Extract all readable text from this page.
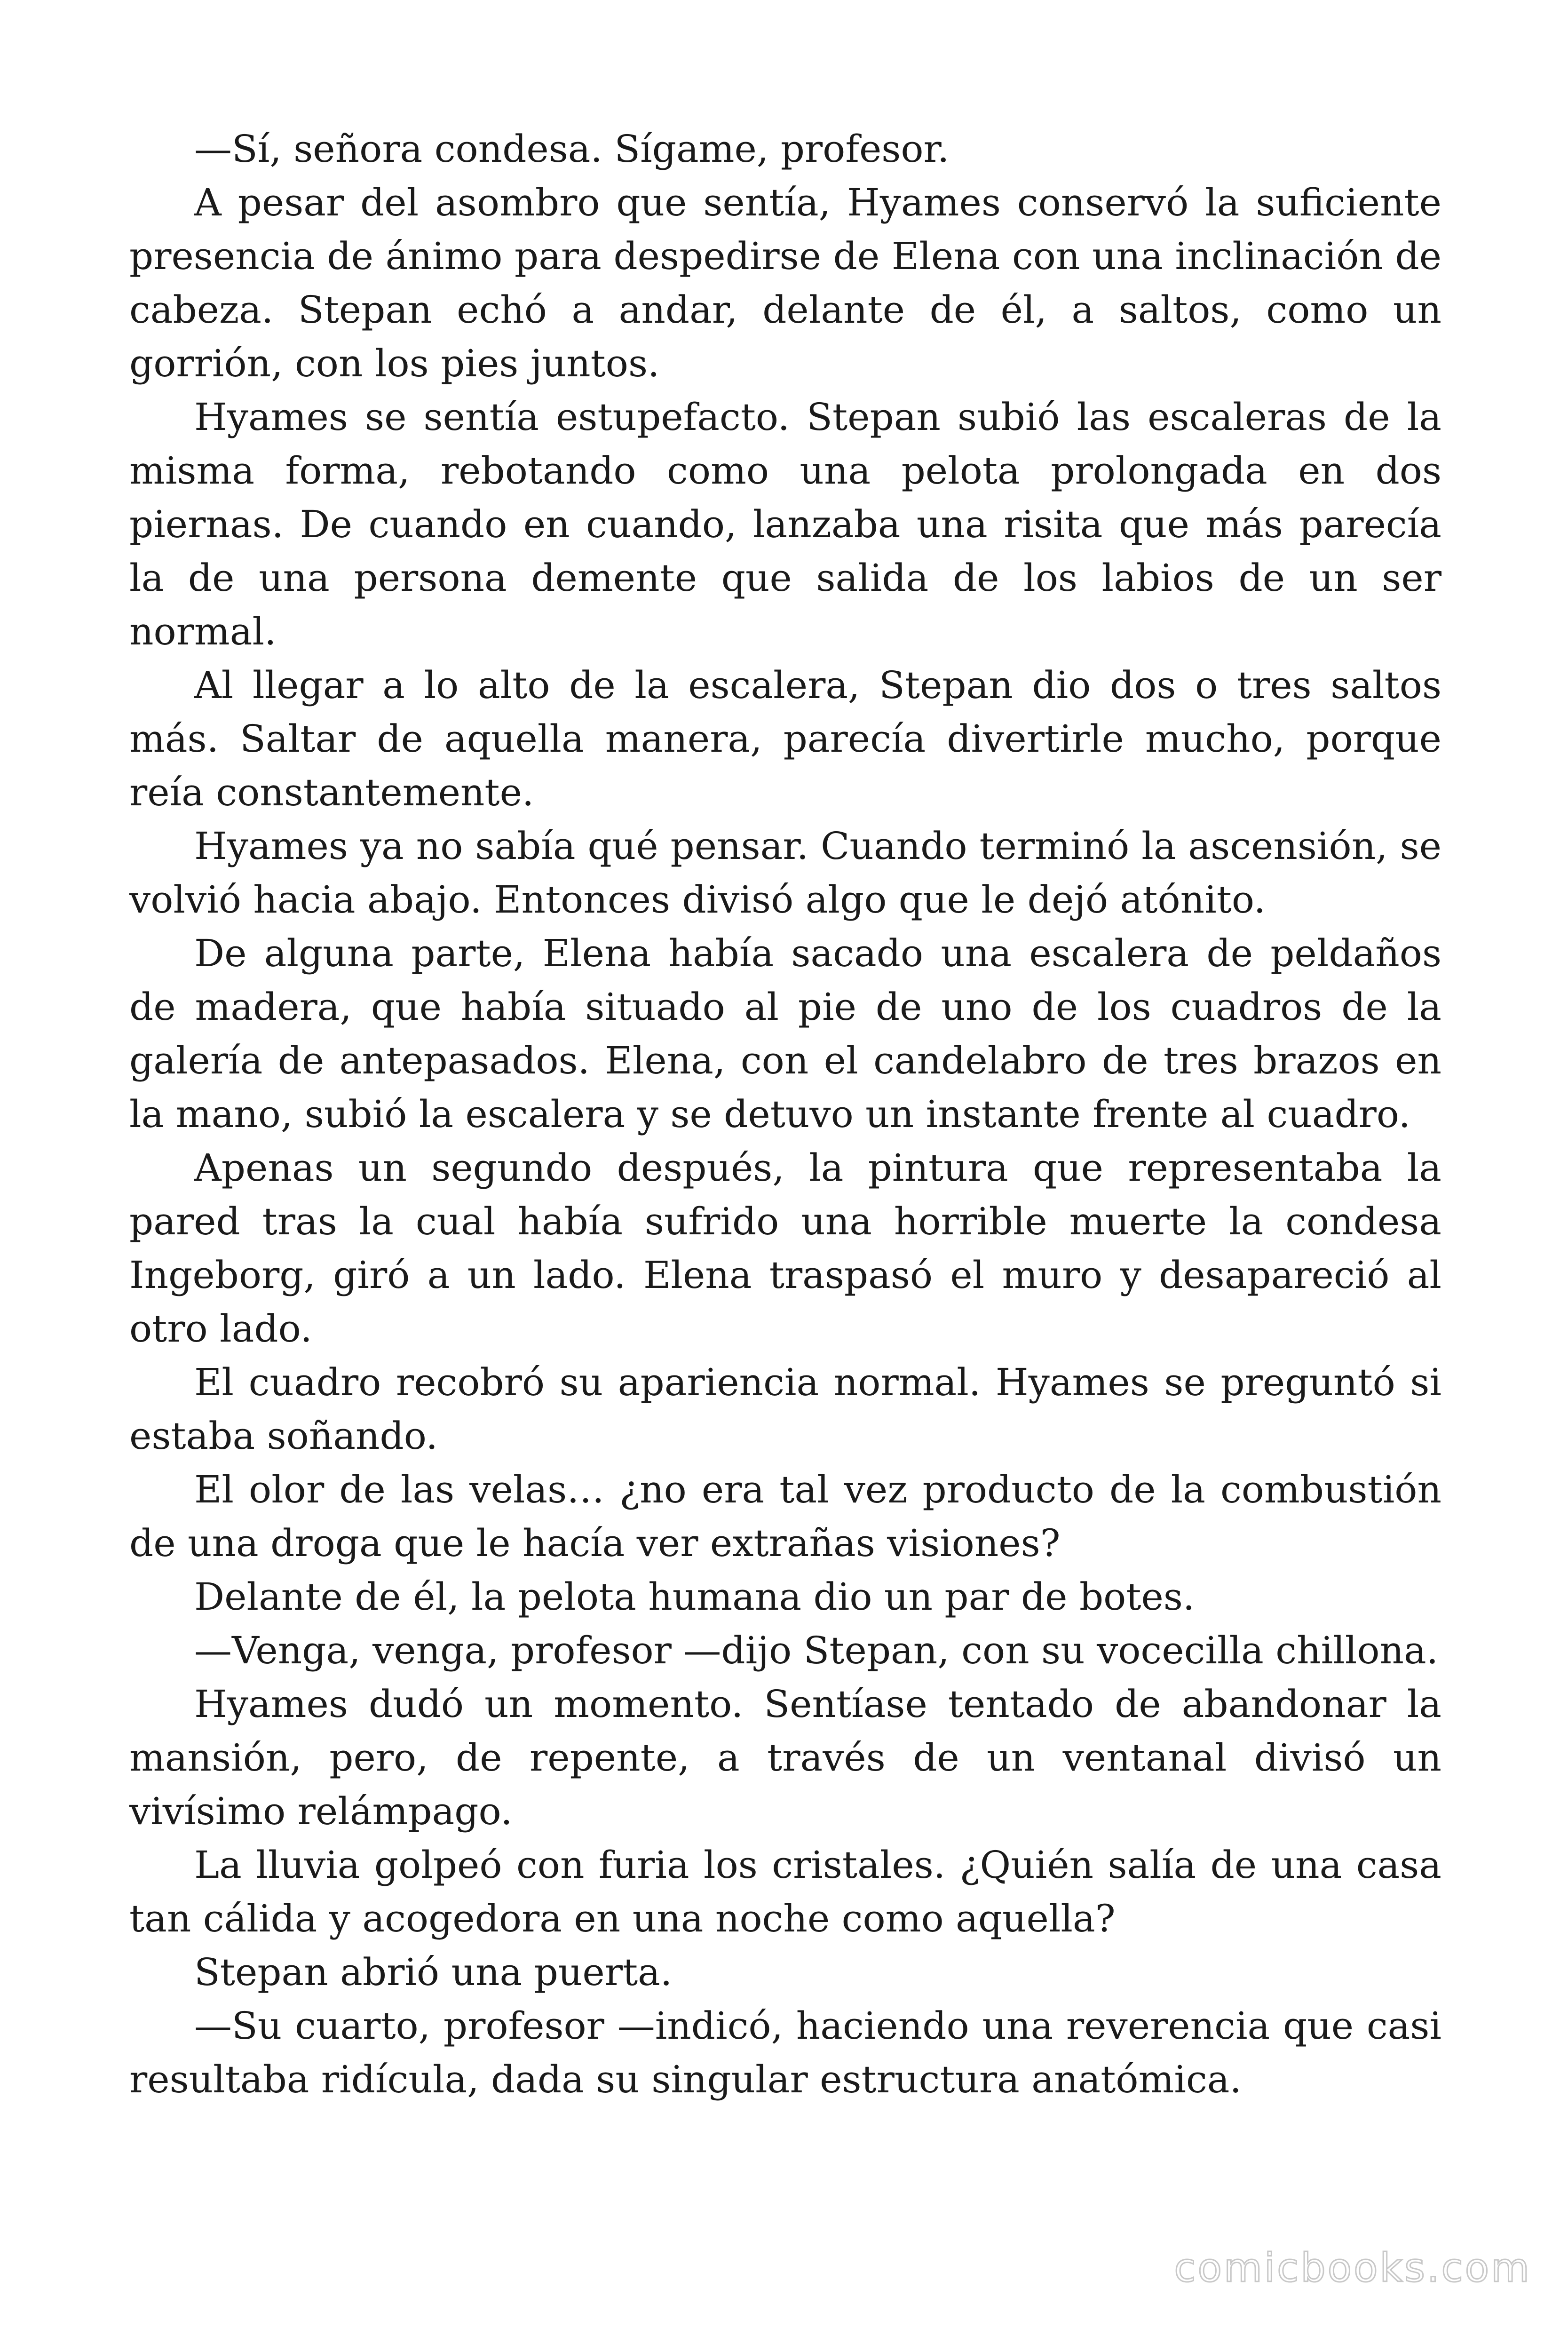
—Sí, señora condesa. Sígame, profesor.

A pesar del asombro que sentía, Hyames conservó la suficiente presencia de ánimo para despedirse de Elena con una inclinación de cabeza. Stepan echó a andar, delante de él, a saltos, como un gorrión, con los pies juntos.

Hyames se sentía estupefacto. Stepan subió las escaleras de la misma forma, rebotando como una pelota prolongada en dos piernas. De cuando en cuando, lanzaba una risita que más parecía la de una persona demente que salida de los labios de un ser normal.

Al llegar a lo alto de la escalera, Stepan dio dos o tres saltos más. Saltar de aquella manera, parecía divertirle mucho, porque reía constantemente.

Hyames ya no sabía qué pensar. Cuando terminó la ascensión, se volvió hacia abajo. Entonces divisó algo que le dejó atónito.

De alguna parte, Elena había sacado una escalera de peldaños de madera, que había situado al pie de uno de los cuadros de la galería de antepasados. Elena, con el candelabro de tres brazos en la mano, subió la escalera y se detuvo un instante frente al cuadro.

Apenas un segundo después, la pintura que representaba la pared tras la cual había sufrido una horrible muerte la condesa Ingeborg, giró a un lado. Elena traspasó el muro y desapareció al otro lado.

El cuadro recobró su apariencia normal. Hyames se preguntó si estaba soñando.

El olor de las velas… ¿no era tal vez producto de la combustión de una droga que le hacía ver extrañas visiones?

Delante de él, la pelota humana dio un par de botes.

—Venga, venga, profesor —dijo Stepan, con su vocecilla chillona.

Hyames dudó un momento. Sentíase tentado de abandonar la mansión, pero, de repente, a través de un ventanal divisó un vivísimo relámpago.

La lluvia golpeó con furia los cristales. ¿Quién salía de una casa tan cálida y acogedora en una noche como aquella?

Stepan abrió una puerta.

—Su cuarto, profesor —indicó, haciendo una reverencia que casi resultaba ridícula, dada su singular estructura anatómica.

comicbooks.com
